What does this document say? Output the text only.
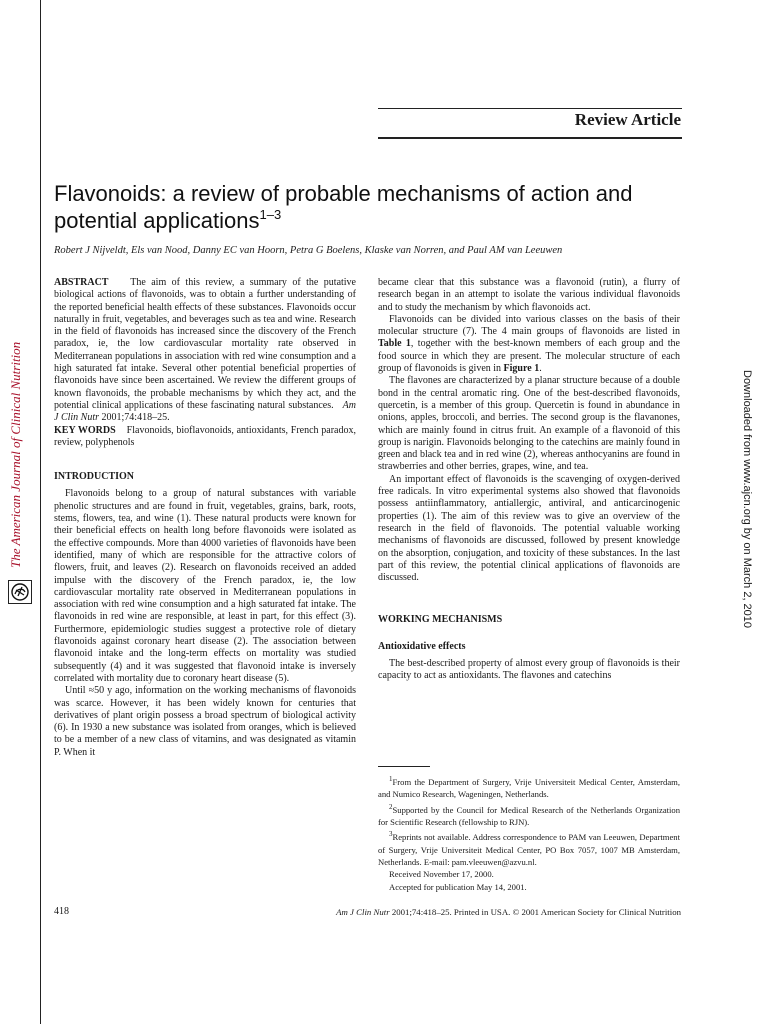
The American Journal of Clinical Nutrition	Downloaded from www.ajcn.org by on March 2, 2010
Review Article
Flavonoids: a review of probable mechanisms of action and potential applications$^{1-3}$
Robert J Nijveldt, Els van Nood, Danny EC van Hoorn, Petra G Boelens, Klaske van Norren, and Paul AM van Leeuwen

ABSTRACT The aim of this review, a summary of the putative biological actions of flavonoids, was to obtain a further understanding of the reported beneficial health effects of these substances. Flavonoids occur naturally in fruit, vegetables, and beverages such as tea and wine. Research in the field of flavonoids has increased since the discovery of the French paradox, ie, the low cardiovascular mortality rate observed in Mediterranean populations in association with red wine consumption and a high saturated fat intake. Several other potential beneficial properties of flavonoids have since been ascertained. We review the different groups of known flavonoids, the probable mechanisms by which they act, and the potential clinical applications of these fascinating natural substances. Am J Clin Nutr 2001;74:418–25.

KEY WORDS Flavonoids, bioflavonoids, antioxidants, French paradox, review, polyphenols

INTRODUCTION

Flavonoids belong to a group of natural substances with variable phenolic structures and are found in fruit, vegetables, grains, bark, roots, stems, flowers, tea, and wine (1). These natural products were known for their beneficial effects on health long before flavonoids were isolated as the effective compounds. More than 4000 varieties of flavonoids have been identified, many of which are responsible for the attractive colors of flowers, fruit, and leaves (2). Research on flavonoids received an added impulse with the discovery of the French paradox, ie, the low cardiovascular mortality rate observed in Mediterranean populations in association with red wine consumption and a high saturated fat intake. The flavonoids in red wine are responsible, at least in part, for this effect (3). Furthermore, epidemiologic studies suggest a protective role of dietary flavonoids against coronary heart disease (2). The association between flavonoid intake and the long-term effects on mortality was studied subsequently (4) and it was suggested that flavonoid intake is inversely correlated with mortality due to coronary heart disease (5).

Until ≈50 y ago, information on the working mechanisms of flavonoids was scarce. However, it has been widely known for centuries that derivatives of plant origin possess a broad spectrum of biological activity (6). In 1930 a new substance was isolated from oranges, which is believed to be a member of a new class of vitamins, and was designated as vitamin P. When it

became clear that this substance was a flavonoid (rutin), a flurry of research began in an attempt to isolate the various individual flavonoids and to study the mechanism by which flavonoids act.

Flavonoids can be divided into various classes on the basis of their molecular structure (7). The 4 main groups of flavonoids are listed in Table 1, together with the best-known members of each group and the food source in which they are present. The molecular structure of each group of flavonoids is given in Figure 1.

The flavones are characterized by a planar structure because of a double bond in the central aromatic ring. One of the best-described flavonoids, quercetin, is a member of this group. Quercetin is found in abundance in onions, apples, broccoli, and berries. The second group is the flavanones, which are mainly found in citrus fruit. An example of a flavonoid of this group is narigin. Flavonoids belonging to the catechins are mainly found in green and black tea and in red wine (2), whereas anthocyanins are found in strawberries and other berries, grapes, wine, and tea.

An important effect of flavonoids is the scavenging of oxygen-derived free radicals. In vitro experimental systems also showed that flavonoids possess antiinflammatory, antiallergic, antiviral, and anticarcinogenic properties (1). The aim of this review was to give an overview of the research in the field of flavonoids. The potential valuable working mechanisms of flavonoids are discussed, followed by present knowledge on the absorption, conjugation, and toxicity of these substances. In the last part of this review, the potential clinical applications of flavonoids are discussed.

WORKING MECHANISMS
Antioxidative effects

The best-described property of almost every group of flavonoids is their capacity to act as antioxidants. The flavones and catechins

$^1$From the Department of Surgery, Vrije Universiteit Medical Center, Amsterdam, and Numico Research, Wageningen, Netherlands.

$^2$Supported by the Council for Medical Research of the Netherlands Organization for Scientific Research (fellowship to RJN).

$^3$Reprints not available. Address correspondence to PAM van Leeuwen, Department of Surgery, Vrije Universiteit Medical Center, PO Box 7057, 1007 MB Amsterdam, Netherlands. E-mail: pam.vleeuwen@azvu.nl.

Received November 17, 2000.

Accepted for publication May 14, 2001.

418	Am J Clin Nutr 2001;74:418–25. Printed in USA. © 2001 American Society for Clinical Nutrition
